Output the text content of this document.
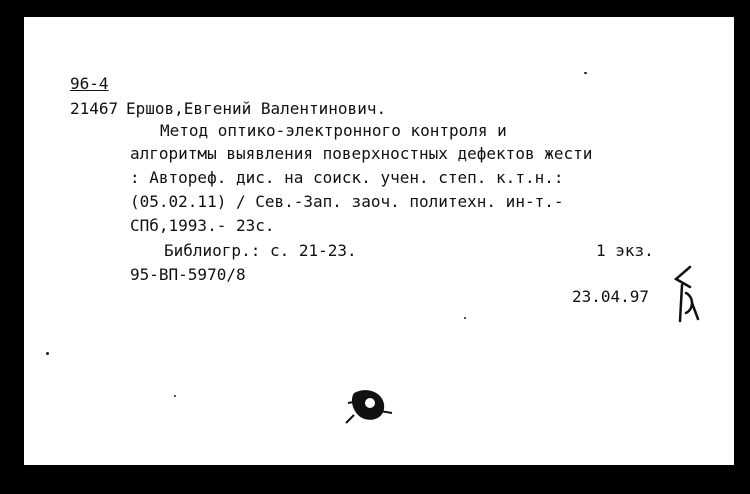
96-4
21467 Ершов,Евгений Валентинович.
Метод оптико-электронного контроля и
алгоритмы выявления поверхностных дефектов жести
: Автореф. дис. на соиск. учен. степ. к.т.н.:
(05.02.11) / Сев.-Зап. заоч. политехн. ин-т.-
СПб,1993.- 23с.
Библиогр.: с. 21-23.	1 экз.
95-ВП-5970/8
23.04.97
